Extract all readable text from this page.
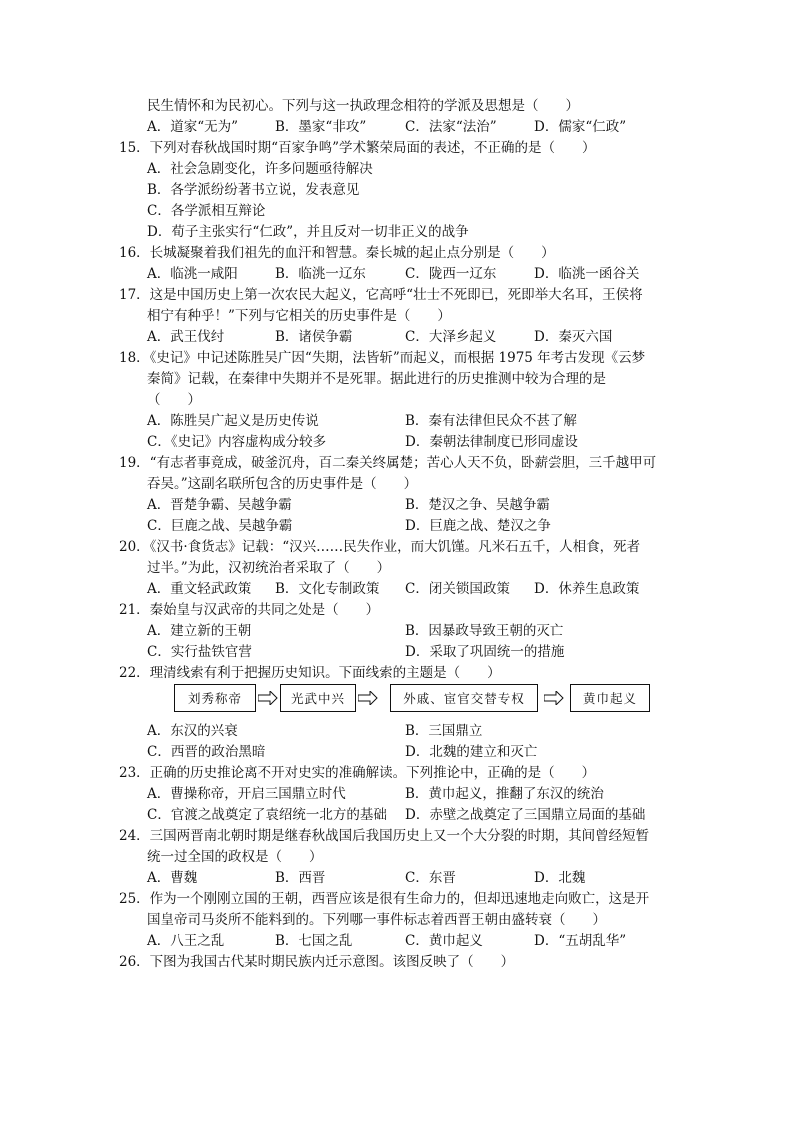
民生情怀和为民初心。下列与这一执政理念相符的学派及思想是（　　）
A．道家“无为”	B．墨家“非攻”	C．法家“法治”	D．儒家“仁政”
15．下列对春秋战国时期“百家争鸣”学术繁荣局面的表述，不正确的是（　　）
A．社会急剧变化，许多问题亟待解决
B．各学派纷纷著书立说，发表意见
C．各学派相互辩论
D．荀子主张实行“仁政”，并且反对一切非正义的战争
16．长城凝聚着我们祖先的血汗和智慧。秦长城的起止点分别是（　　）
A．临洮一咸阳	B．临洮一辽东	C．陇西一辽东	D．临洮一函谷关
17．这是中国历史上第一次农民大起义，它高呼“壮士不死即已，死即举大名耳，王侯将
相宁有种乎！”下列与它相关的历史事件是（　　）
A．武王伐纣	B．诸侯争霸	C．大泽乡起义	D．秦灭六国
18．《史记》中记述陈胜吴广因“失期，法皆斩”而起义，而根据 1975 年考古发现《云梦
秦简》记载，在秦律中失期并不是死罪。据此进行的历史推测中较为合理的是
（　　）
A．陈胜吴广起义是历史传说	B．秦有法律但民众不甚了解
C．《史记》内容虚构成分较多	D．秦朝法律制度已形同虚设
19．“有志者事竟成，破釜沉舟，百二秦关终属楚；苦心人天不负，卧薪尝胆，三千越甲可
吞吴。”这副名联所包含的历史事件是（　　）
A．晋楚争霸、吴越争霸	B．楚汉之争、吴越争霸
C．巨鹿之战、吴越争霸	D．巨鹿之战、楚汉之争
20．《汉书·食货志》记载：“汉兴……民失作业，而大饥馑。凡米石五千，人相食，死者
过半。”为此，汉初统治者采取了（　　）
A．重文轻武政策 B．文化专制政策 C．闭关锁国政策 D．休养生息政策
21．秦始皇与汉武帝的共同之处是（　　）
A．建立新的王朝	B．因暴政导致王朝的灭亡
C．实行盐铁官营	D．采取了巩固统一的措施
22．理清线索有利于把握历史知识。下面线索的主题是（　　）
刘秀称帝	光武中兴	外戚、宦官交替专权	黄巾起义
A．东汉的兴衰	B．三国鼎立
C．西晋的政治黑暗	D．北魏的建立和灭亡
23．正确的历史推论离不开对史实的准确解读。下列推论中，正确的是（　　）
A．曹操称帝，开启三国鼎立时代	B．黄巾起义，推翻了东汉的统治
C．官渡之战奠定了袁绍统一北方的基础 D．赤壁之战奠定了三国鼎立局面的基础
24．三国两晋南北朝时期是继春秋战国后我国历史上又一个大分裂的时期，其间曾经短暂
统一过全国的政权是（　　）
A．曹魏	B．西晋	C．东晋	D．北魏
25．作为一个刚刚立国的王朝，西晋应该是很有生命力的，但却迅速地走向败亡，这是开
国皇帝司马炎所不能料到的。下列哪一事件标志着西晋王朝由盛转衰（　　）
A．八王之乱	B．七国之乱	C．黄巾起义	D．“五胡乱华”
26．下图为我国古代某时期民族内迁示意图。该图反映了（　　）
